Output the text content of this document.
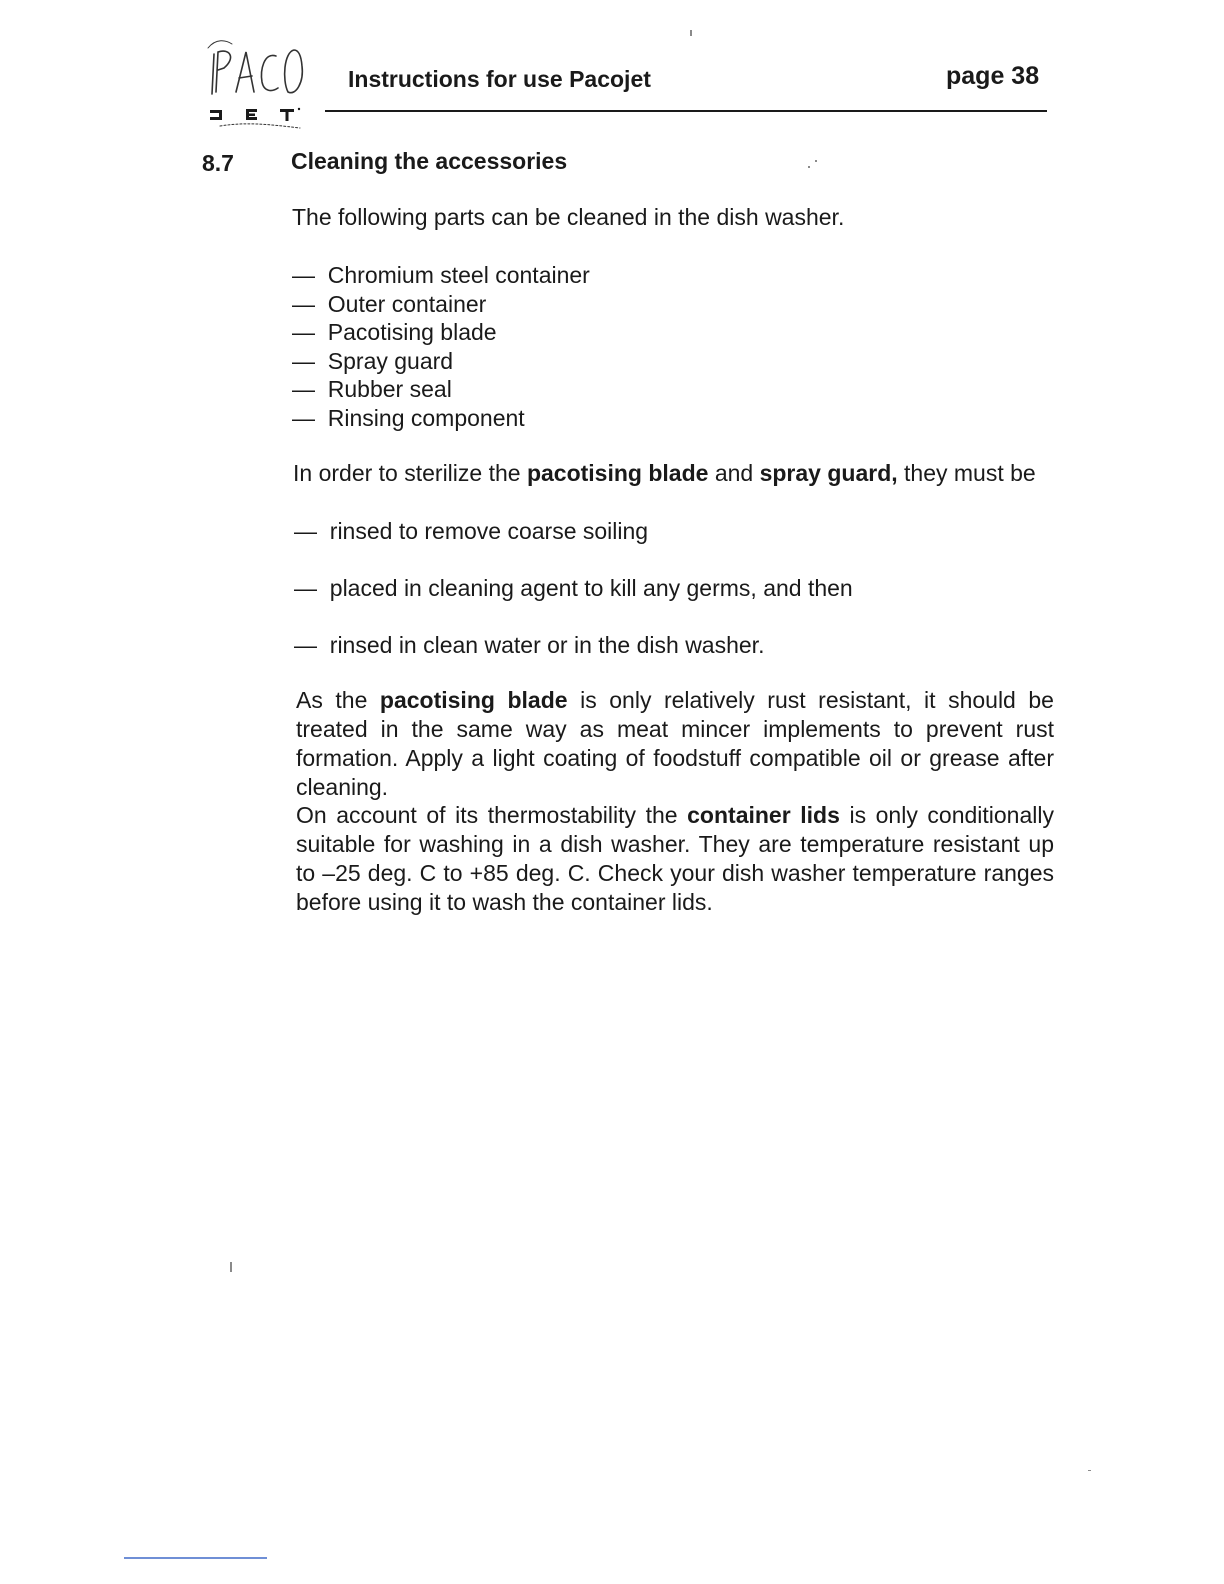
Instructions for use Pacojet	page 38
8.7 Cleaning the accessories
The following parts can be cleaned in the dish washer.
—  Chromium steel container
—  Outer container
—  Pacotising blade
—  Spray guard
—  Rubber seal
—  Rinsing component
In order to sterilize the pacotising blade and spray guard, they must be
—  rinsed to remove coarse soiling
—  placed in cleaning agent to kill any germs, and then
—  rinsed in clean water or in the dish washer.
As the pacotising blade is only relatively rust resistant, it should be treated in the same way as meat mincer implements to prevent rust formation. Apply a light coating of foodstuff compatible oil or grease after cleaning.
On account of its thermostability the container lids is only conditionally suitable for washing in a dish washer. They are temperature resistant up to –25 deg. C to +85 deg. C. Check your dish washer temperature ranges before using it to wash the container lids.
